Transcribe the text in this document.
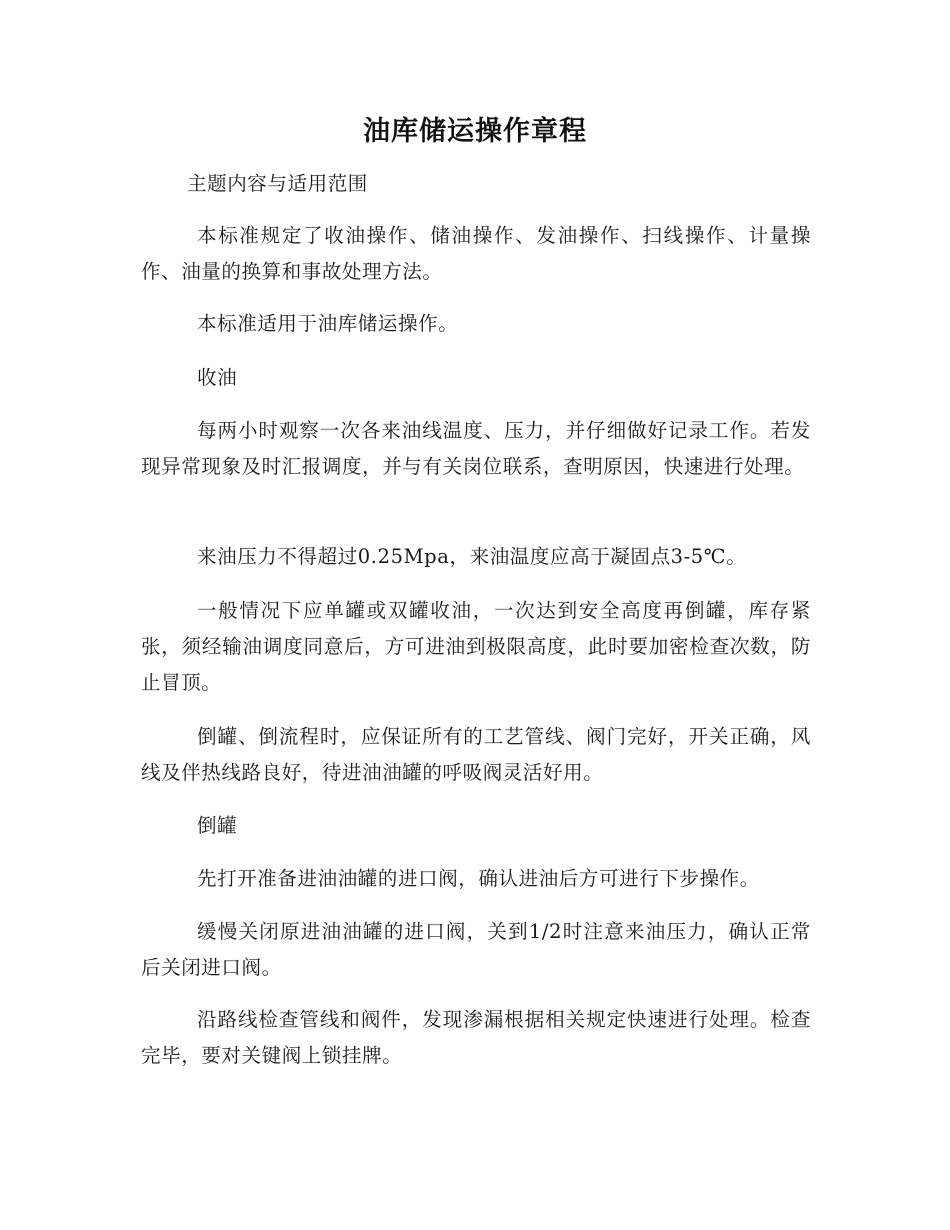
油库储运操作章程
主题内容与适用范围
本标准规定了收油操作、储油操作、发油操作、扫线操作、计量操作、油量的换算和事故处理方法。
本标准适用于油库储运操作。
收油
每两小时观察一次各来油线温度、压力，并仔细做好记录工作。若发现异常现象及时汇报调度，并与有关岗位联系，查明原因，快速进行处理。
来油压力不得超过0.25Mpa，来油温度应高于凝固点3-5℃。
一般情况下应单罐或双罐收油，一次达到安全高度再倒罐，库存紧张，须经输油调度同意后，方可进油到极限高度，此时要加密检查次数，防止冒顶。
倒罐、倒流程时，应保证所有的工艺管线、阀门完好，开关正确，风线及伴热线路良好，待进油油罐的呼吸阀灵活好用。
倒罐
先打开准备进油油罐的进口阀，确认进油后方可进行下步操作。
缓慢关闭原进油油罐的进口阀，关到1/2时注意来油压力，确认正常后关闭进口阀。
沿路线检查管线和阀件，发现渗漏根据相关规定快速进行处理。检查完毕，要对关键阀上锁挂牌。
